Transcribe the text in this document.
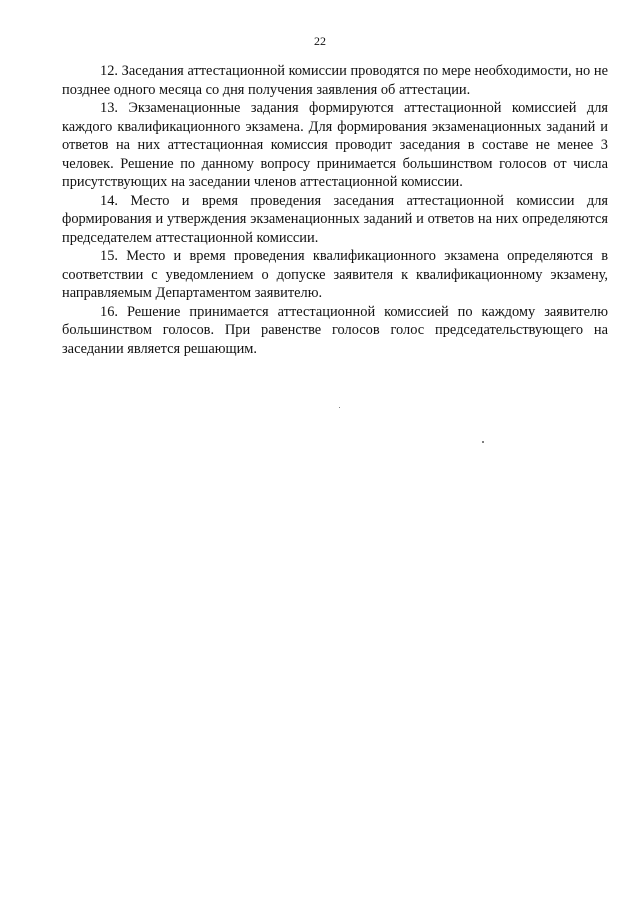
22

12. Заседания аттестационной комиссии проводятся по мере необходимости, но не позднее одного месяца со дня получения заявления об аттестации.

13. Экзаменационные задания формируются аттестационной комиссией для каждого квалификационного экзамена. Для формирования экзаменационных заданий и ответов на них аттестационная комиссия проводит заседания в составе не менее 3 человек. Решение по данному вопросу принимается большинством голосов от числа присутствующих на заседании членов аттестационной комиссии.

14. Место и время проведения заседания аттестационной комиссии для формирования и утверждения экзаменационных заданий и ответов на них определяются председателем аттестационной комиссии.

15. Место и время проведения квалификационного экзамена определяются в соответствии с уведомлением о допуске заявителя к квалификационному экзамену, направляемым Департаментом заявителю.

16. Решение принимается аттестационной комиссией по каждому заявителю большинством голосов. При равенстве голосов голос председательствующего на заседании является решающим.
